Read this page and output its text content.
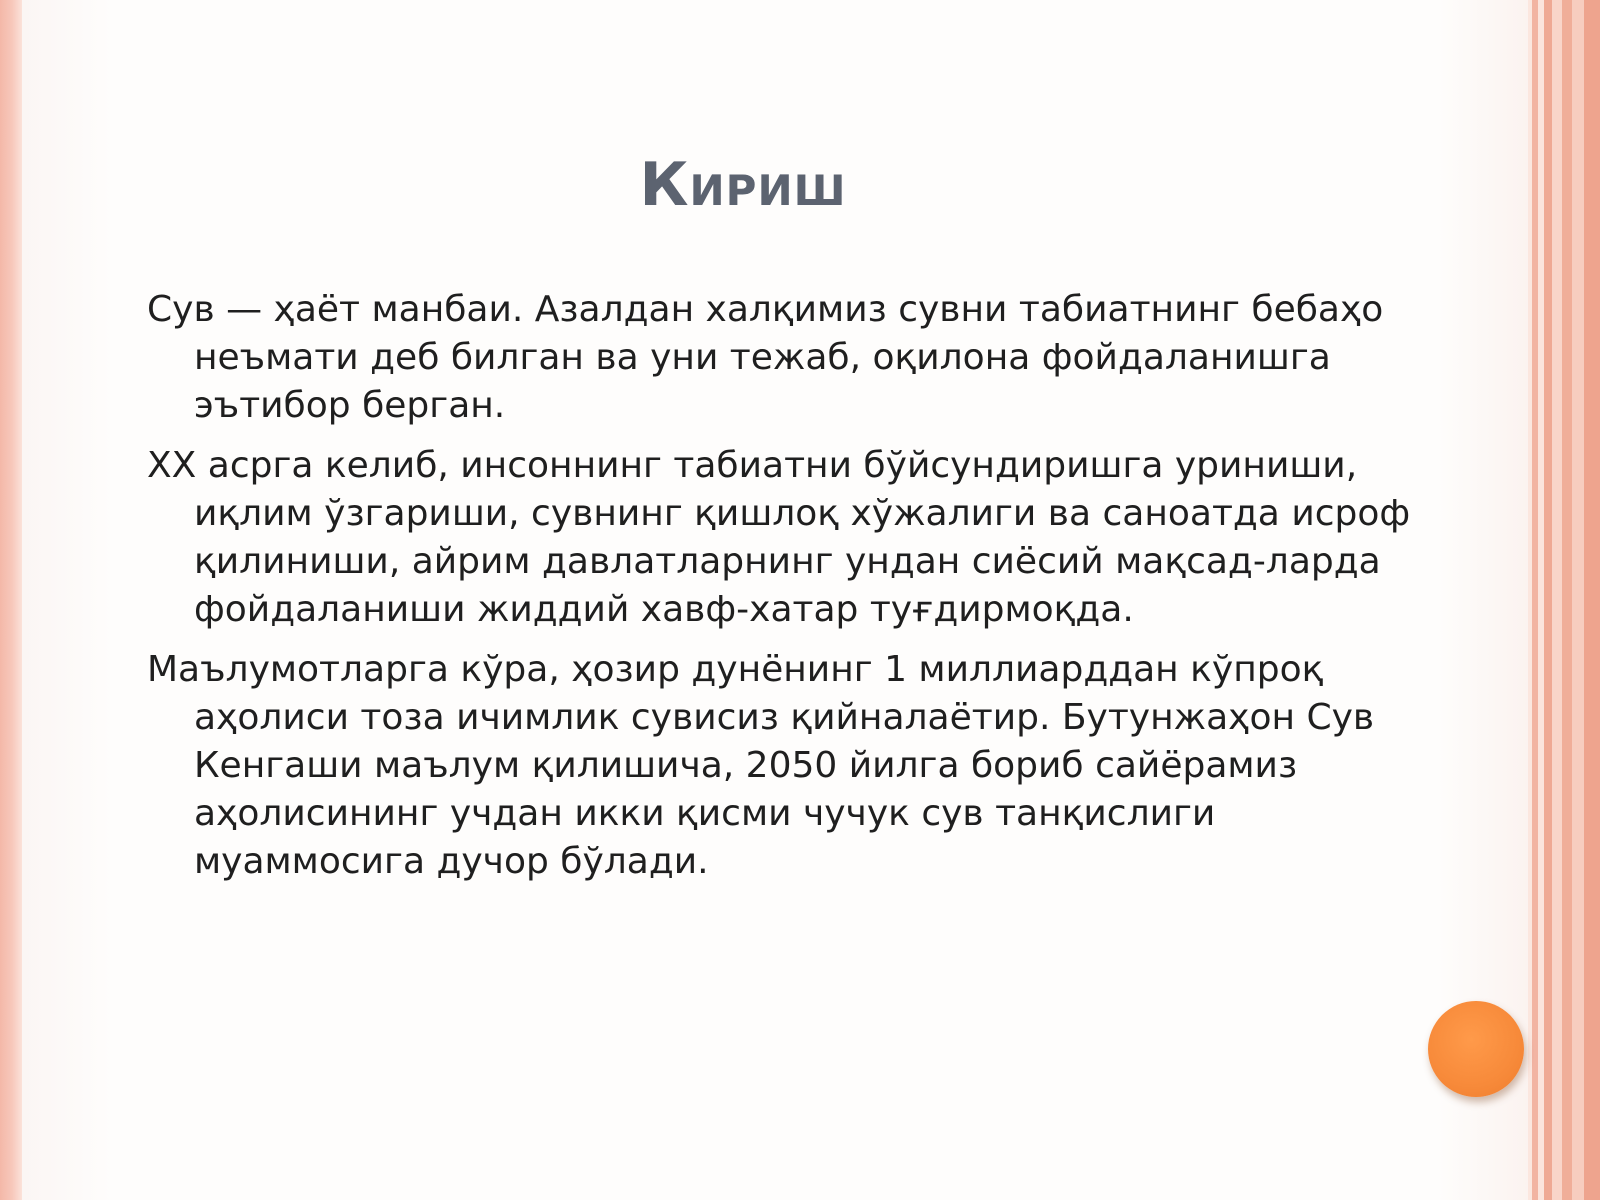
Кириш
Сув — ҳаёт манбаи. Азалдан халқимиз сувни табиатнинг бебаҳо неъмати деб билган ва уни тежаб, оқилона фойдаланишга эътибор берган.
XX асрга келиб, инсоннинг табиатни бўйсундиришга уриниши, иқлим ўзгариши, сувнинг қишлоқ хўжалиги ва саноатда исроф қилиниши, айрим давлатларнинг ундан сиёсий мақсад-ларда фойдаланиши жиддий хавф-хатар туғдирмоқда.
Маълумотларга кўра, ҳозир дунёнинг 1 миллиарддан кўпроқ аҳолиси тоза ичимлик сувисиз қийналаётир. Бутунжаҳон Сув Кенгаши маълум қилишича, 2050 йилга бориб сайёрамиз аҳолисининг учдан икки қисми чучук сув танқислиги муаммосига дучор бўлади.
